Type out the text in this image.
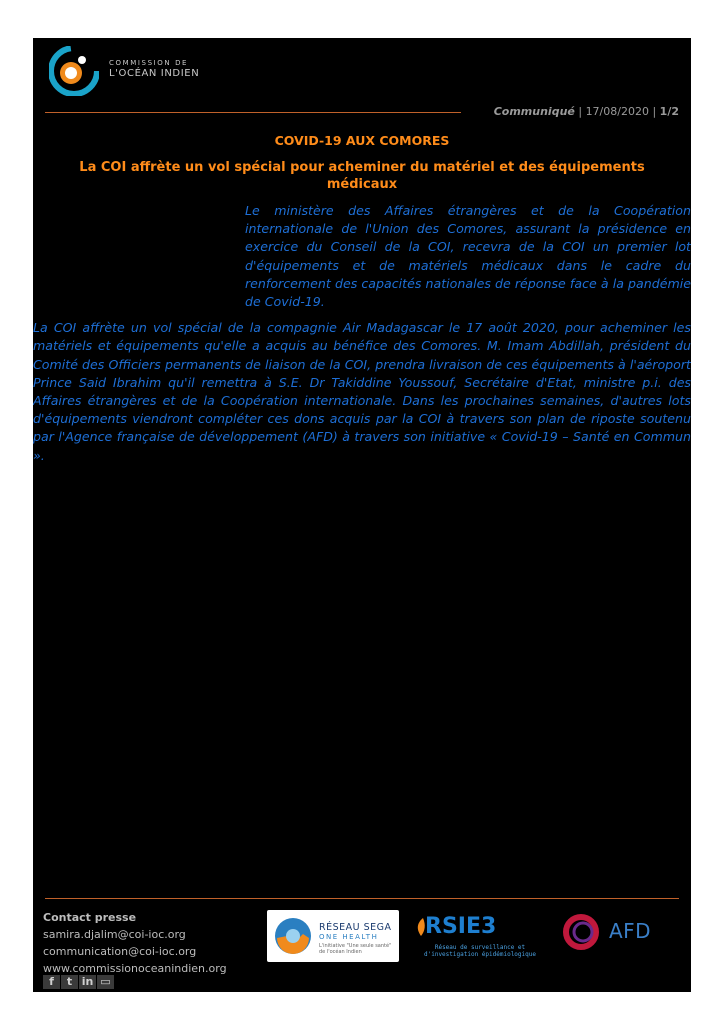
COMMISSION DE
L'OCÉAN INDIEN
Communiqué | 17/08/2020 | 1/2
COVID-19 AUX COMORES
La COI affrète un vol spécial pour acheminer du matériel et des équipements médicaux

Le ministère des Affaires étrangères et de la Coopération internationale de l'Union des Comores, assurant la présidence en exercice du Conseil de la COI, recevra de la COI un premier lot d'équipements et de matériels médicaux dans le cadre du renforcement des capacités nationales de réponse face à la pandémie de Covid-19.

La COI affrète un vol spécial de la compagnie Air Madagascar le 17 août 2020, pour acheminer les matériels et équipements qu'elle a acquis au bénéfice des Comores. M. Imam Abdillah, président du Comité des Officiers permanents de liaison de la COI, prendra livraison de ces équipements à l'aéroport Prince Said Ibrahim qu'il remettra à S.E. Dr Takiddine Youssouf, Secrétaire d'Etat, ministre p.i. des Affaires étrangères et de la Coopération internationale. Dans les prochaines semaines, d'autres lots d'équipements viendront compléter ces dons acquis par la COI à travers son plan de riposte soutenu par l'Agence française de développement (AFD) à travers son initiative « Covid-19 – Santé en Commun ».

Contact presse
samira.djalim@coi-ioc.org
communication@coi-ioc.org
www.commissionoceanindien.org
f	t in ▭
RÉSEAU SEGA
ONE HEALTH
L'initiative "Une seule santé" de l'océan Indien
RSIE3
Réseau de surveillance et d'investigation épidémiologique
AFD
